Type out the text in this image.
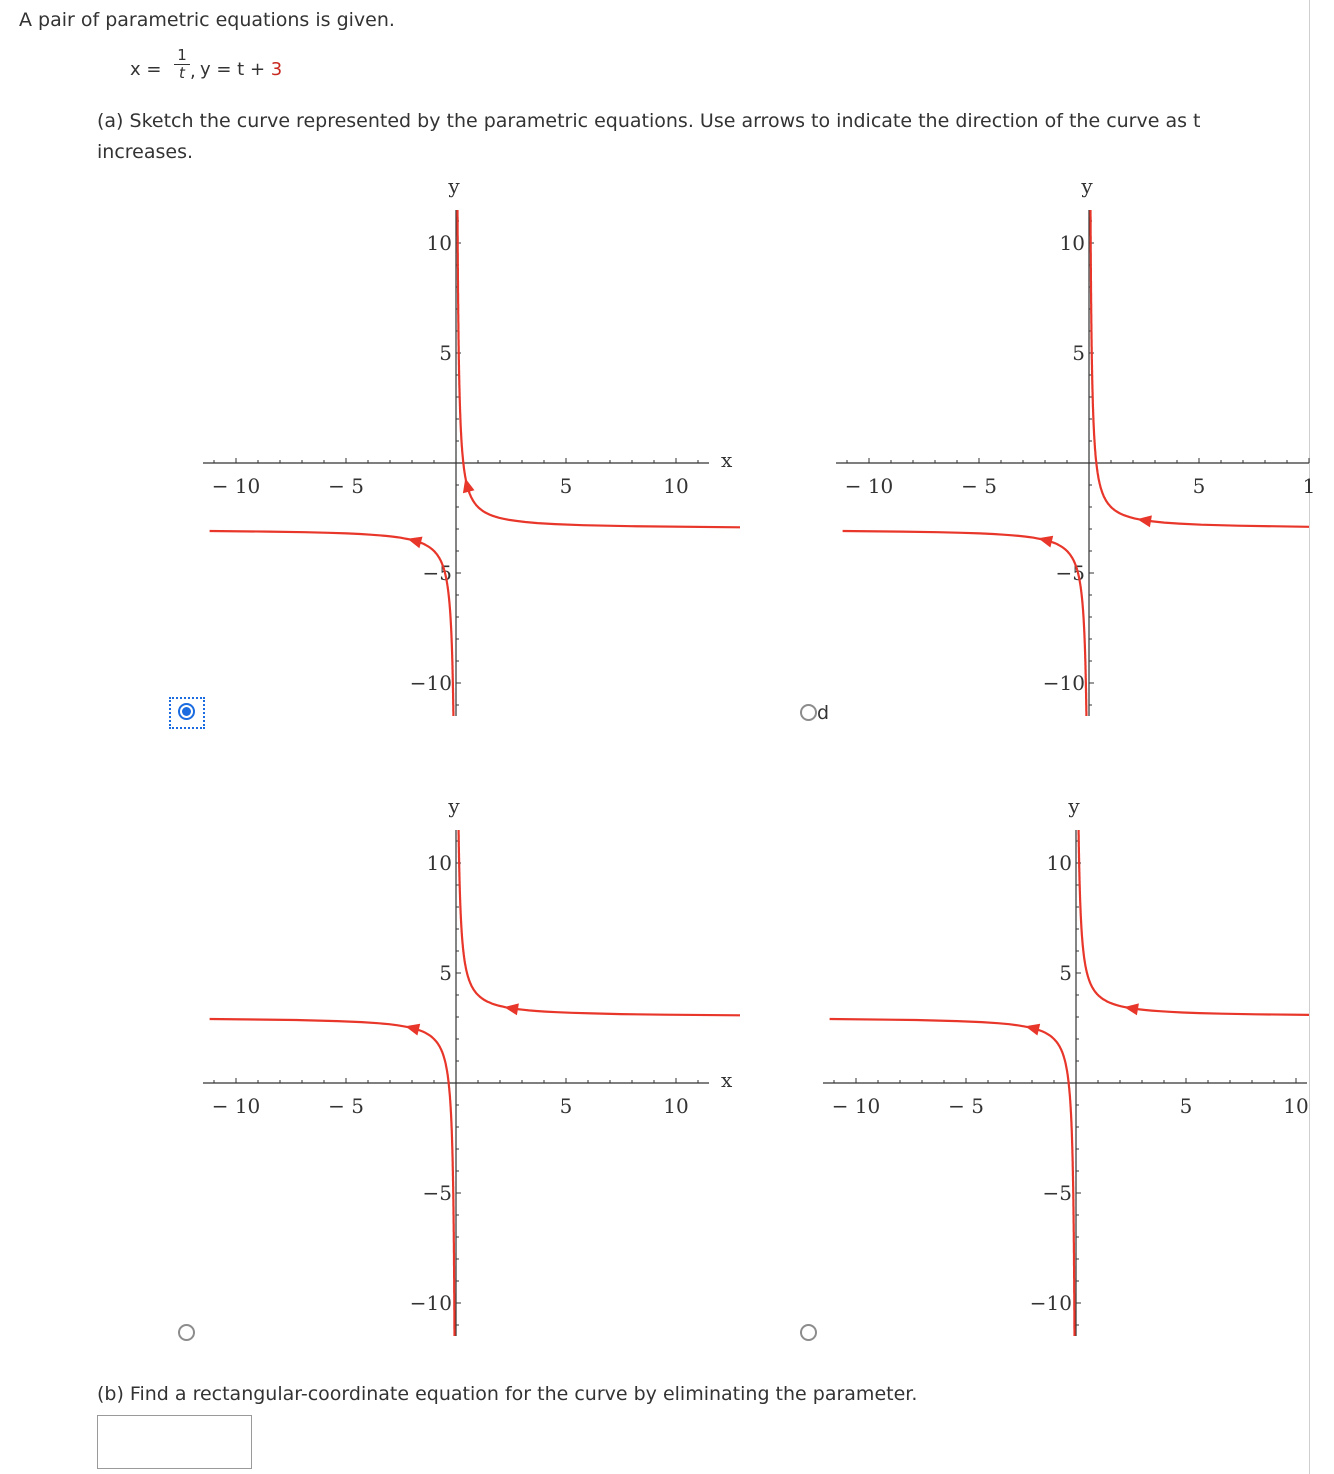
A pair of parametric equations is given.
$x = \frac{1}{t}$ , y = t + 3
(a) Sketch the curve represented by the parametric equations. Use arrows to indicate the direction of the curve as t increases.
− 10	− 5	5	10
10
5
−5
−10
y
x
− 10	− 5	5	1
10
5
−5
−10
y
− 10	− 5	5	10
10
5
−5
−10
y
x
− 10	− 5	5	10
10
5
−5
−10
y
d
(b) Find a rectangular-coordinate equation for the curve by eliminating the parameter.
